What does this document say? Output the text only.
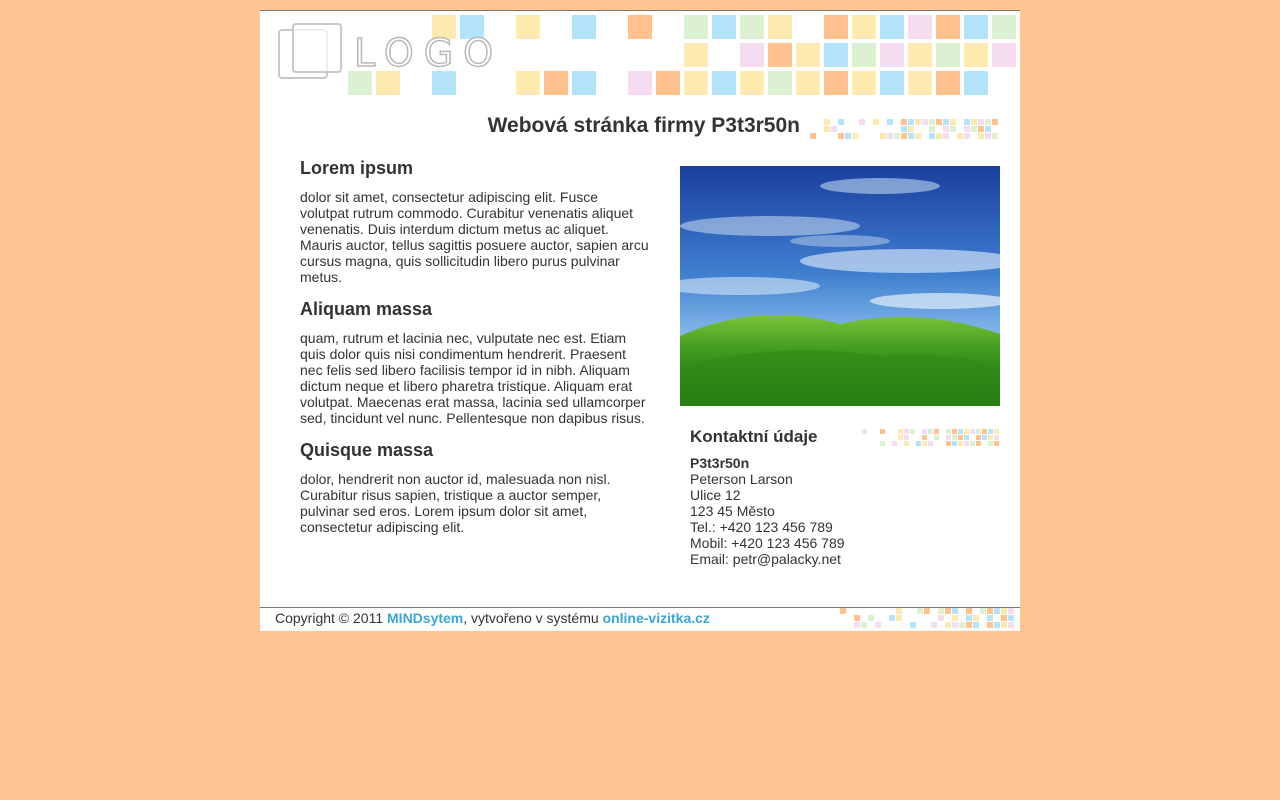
LOGO
Webová stránka firmy P3t3r50n
Lorem ipsum

dolor sit amet, consectetur adipiscing elit. Fusce volutpat rutrum commodo. Curabitur venenatis aliquet venenatis. Duis interdum dictum metus ac aliquet. Mauris auctor, tellus sagittis posuere auctor, sapien arcu cursus magna, quis sollicitudin libero purus pulvinar metus.

Aliquam massa

quam, rutrum et lacinia nec, vulputate nec est. Etiam quis dolor quis nisi condimentum hendrerit. Praesent nec felis sed libero facilisis tempor id in nibh. Aliquam dictum neque et libero pharetra tristique. Aliquam erat volutpat. Maecenas erat massa, lacinia sed ullamcorper sed, tincidunt vel nunc. Pellentesque non dapibus risus.

Quisque massa

dolor, hendrerit non auctor id, malesuada non nisl. Curabitur risus sapien, tristique a auctor semper, pulvinar sed eros. Lorem ipsum dolor sit amet, consectetur adipiscing elit.

Kontaktní údaje
P3t3r50n
Peterson Larson
Ulice 12
123 45 Město
Tel.: +420 123 456 789
Mobil: +420 123 456 789
Email: petr@palacky.net
Copyright © 2011 MINDsytem, vytvořeno v systému online-vizitka.cz
